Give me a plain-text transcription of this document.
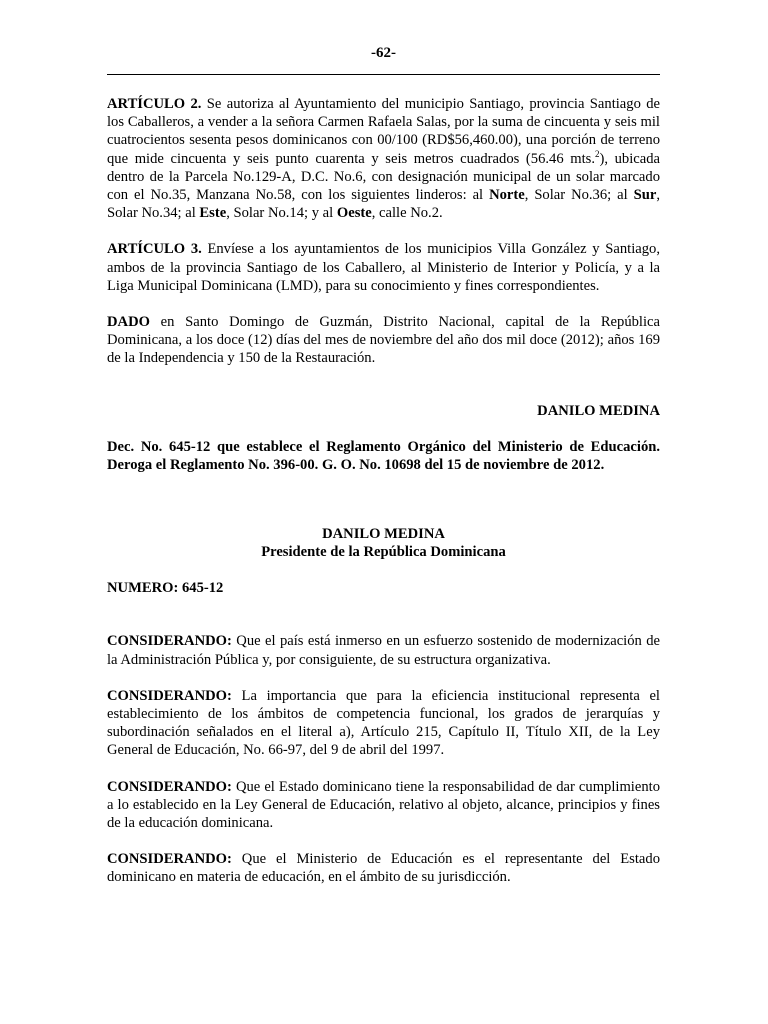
-62-

ARTÍCULO 2. Se autoriza al Ayuntamiento del municipio Santiago, provincia Santiago de los Caballeros, a vender a la señora Carmen Rafaela Salas, por la suma de cincuenta y seis mil cuatrocientos sesenta pesos dominicanos con 00/100 (RD$56,460.00), una porción de terreno que mide cincuenta y seis punto cuarenta y seis metros cuadrados (56.46 mts.$^2$), ubicada dentro de la Parcela No.129-A, D.C. No.6, con designación municipal de un solar marcado con el No.35, Manzana No.58, con los siguientes linderos: al Norte, Solar No.36; al Sur, Solar No.34; al Este, Solar No.14; y al Oeste, calle No.2.

ARTÍCULO 3. Envíese a los ayuntamientos de los municipios Villa González y Santiago, ambos de la provincia Santiago de los Caballero, al Ministerio de Interior y Policía, y a la Liga Municipal Dominicana (LMD), para su conocimiento y fines correspondientes.

DADO en Santo Domingo de Guzmán, Distrito Nacional, capital de la República Dominicana, a los doce (12) días del mes de noviembre del año dos mil doce (2012); años 169 de la Independencia y 150 de la Restauración.

DANILO MEDINA

Dec. No. 645-12 que establece el Reglamento Orgánico del Ministerio de Educación. Deroga el Reglamento No. 396-00. G. O. No. 10698 del 15 de noviembre de 2012.

DANILO MEDINA
Presidente de la República Dominicana
NUMERO: 645-12

CONSIDERANDO: Que el país está inmerso en un esfuerzo sostenido de modernización de la Administración Pública y, por consiguiente, de su estructura organizativa.

CONSIDERANDO: La importancia que para la eficiencia institucional representa el establecimiento de los ámbitos de competencia funcional, los grados de jerarquías y subordinación señalados en el literal a), Artículo 215, Capítulo II, Título XII, de la Ley General de Educación, No. 66-97, del 9 de abril del 1997.

CONSIDERANDO: Que el Estado dominicano tiene la responsabilidad de dar cumplimiento a lo establecido en la Ley General de Educación, relativo al objeto, alcance, principios y fines de la educación dominicana.

CONSIDERANDO: Que el Ministerio de Educación es el representante del Estado dominicano en materia de educación, en el ámbito de su jurisdicción.
